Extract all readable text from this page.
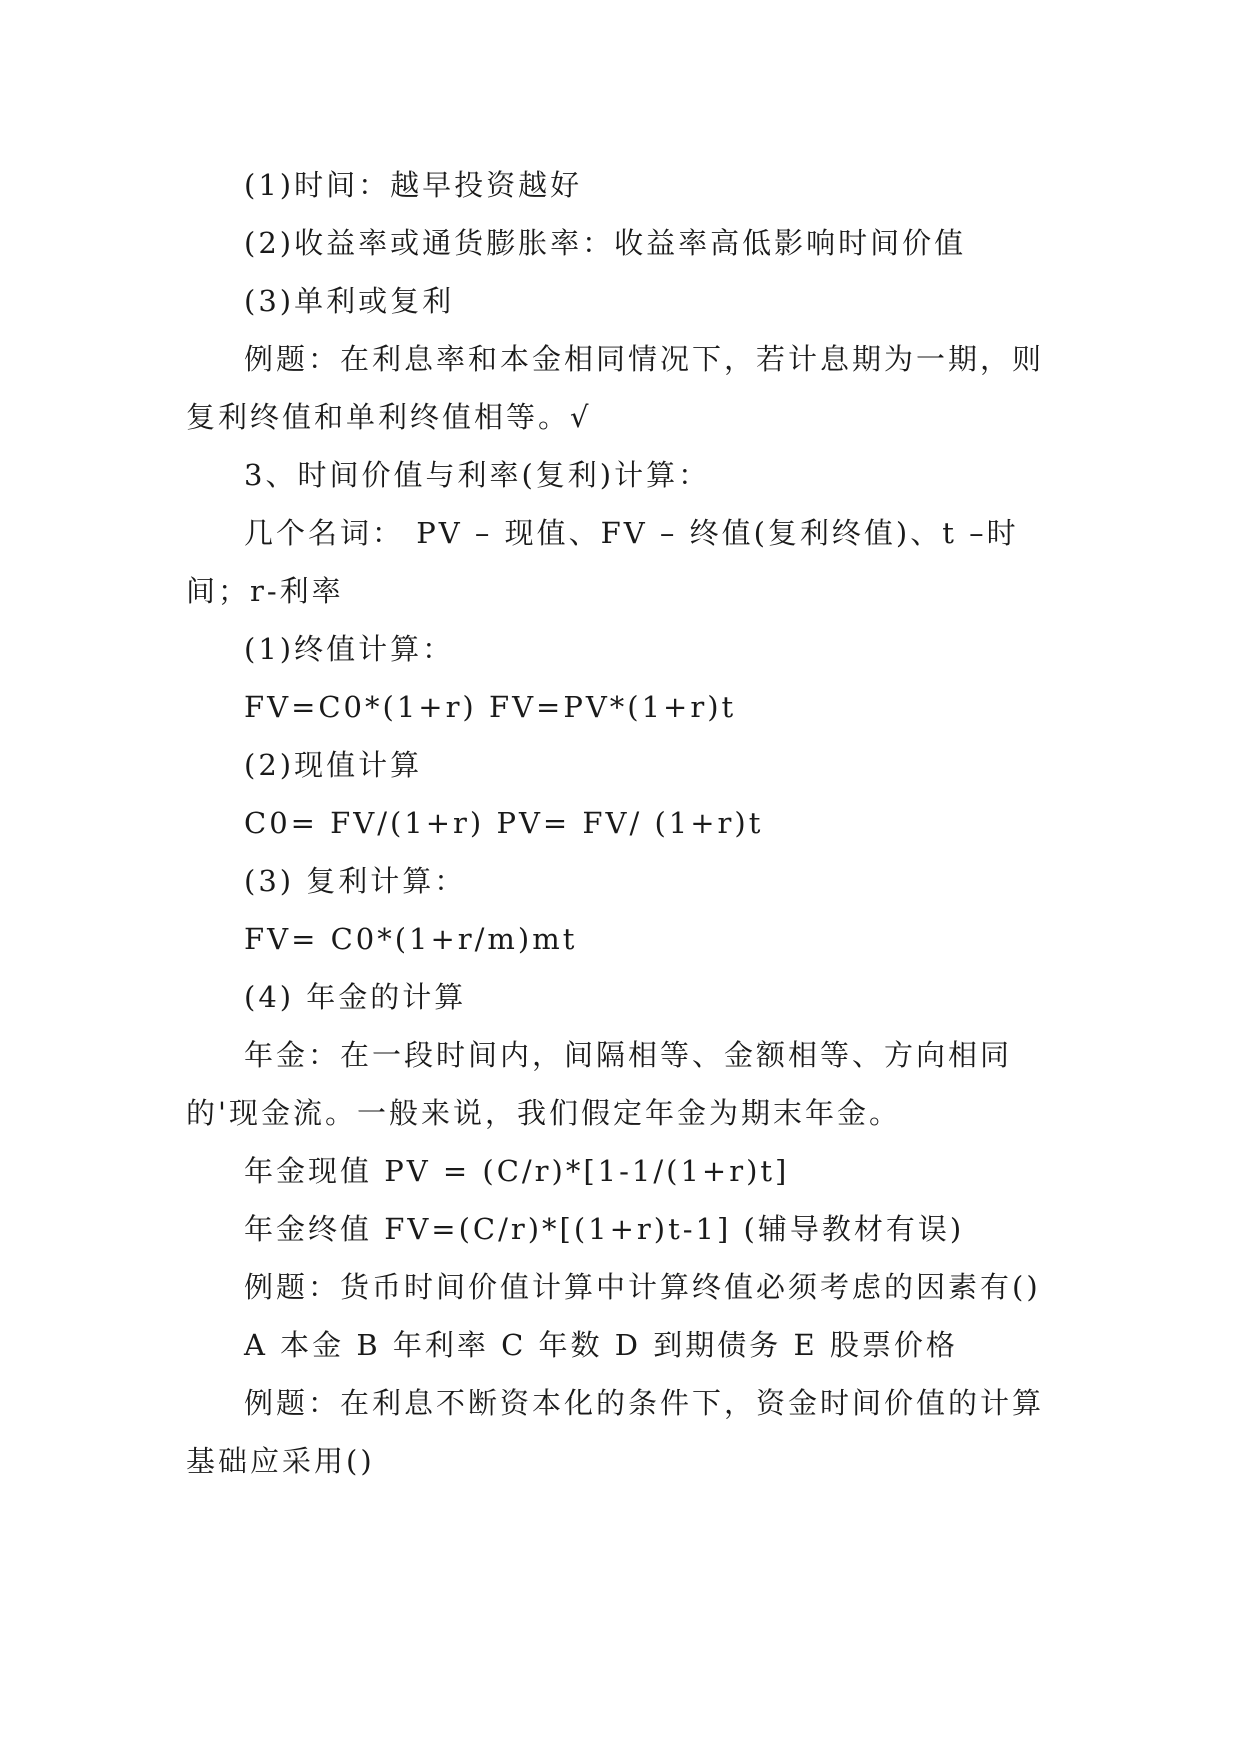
(1)时间：越早投资越好

(2)收益率或通货膨胀率：收益率高低影响时间价值

(3)单利或复利

例题：在利息率和本金相同情况下，若计息期为一期，则复利终值和单利终值相等。√

3、时间价值与利率(复利)计算：

几个名词： PV – 现值、FV – 终值(复利终值)、t –时间；r-利率

(1)终值计算：

FV=C0*(1+r) FV=PV*(1+r)t

(2)现值计算

C0= FV/(1+r) PV= FV/ (1+r)t

(3) 复利计算：

FV= C0*(1+r/m)mt

(4) 年金的计算

年金：在一段时间内，间隔相等、金额相等、方向相同的'现金流。一般来说，我们假定年金为期末年金。

年金现值 PV = (C/r)*[1-1/(1+r)t]

年金终值 FV=(C/r)*[(1+r)t-1] (辅导教材有误)

例题：货币时间价值计算中计算终值必须考虑的因素有()

A 本金 B 年利率 C 年数 D 到期债务 E 股票价格

例题：在利息不断资本化的条件下，资金时间价值的计算基础应采用()
